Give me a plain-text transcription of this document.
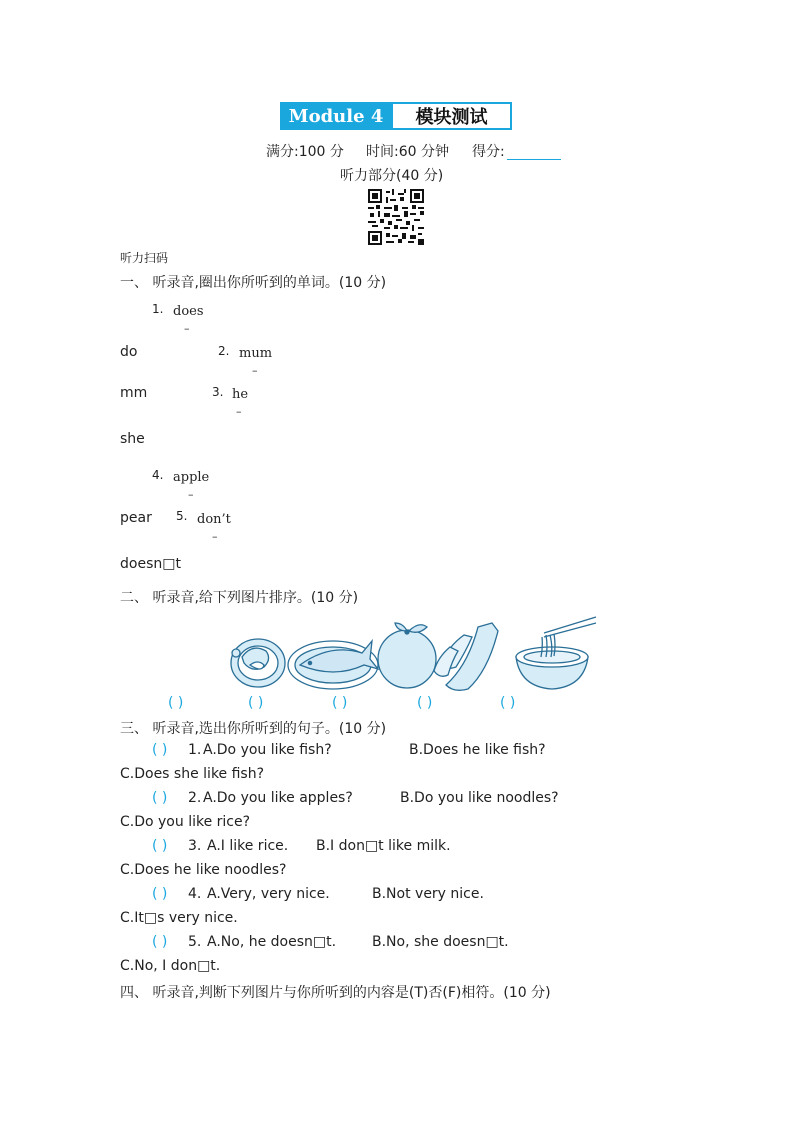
Module 4	模块测试
满分:100 分 时间:60 分钟 得分:
听力部分(40 分)
听力扫码
一、 听录音,圈出你所听到的单词。(10 分)
1. does
–
do	2. mum
–
mm	3. he
–
she
4. apple
–
pear 5. don’t
–
doesn□t
二、 听录音,给下列图片排序。(10 分)
( )	( )	( )	( )	( )
三、 听录音,选出你所听到的句子。(10 分)
( ) 1. A.Do you like fish?	B.Does he like fish?
C.Does she like fish?
( ) 2. A.Do you like apples?	B.Do you like noodles?
C.Do you like rice?
( ) 3. A.I like rice. B.I don□t like milk.
C.Does he like noodles?
( ) 4. A.Very, very nice.	B.Not very nice.
C.It□s very nice.
( ) 5. A.No, he doesn□t.	B.No, she doesn□t.
C.No, I don□t.
四、 听录音,判断下列图片与你所听到的内容是(T)否(F)相符。(10 分)
